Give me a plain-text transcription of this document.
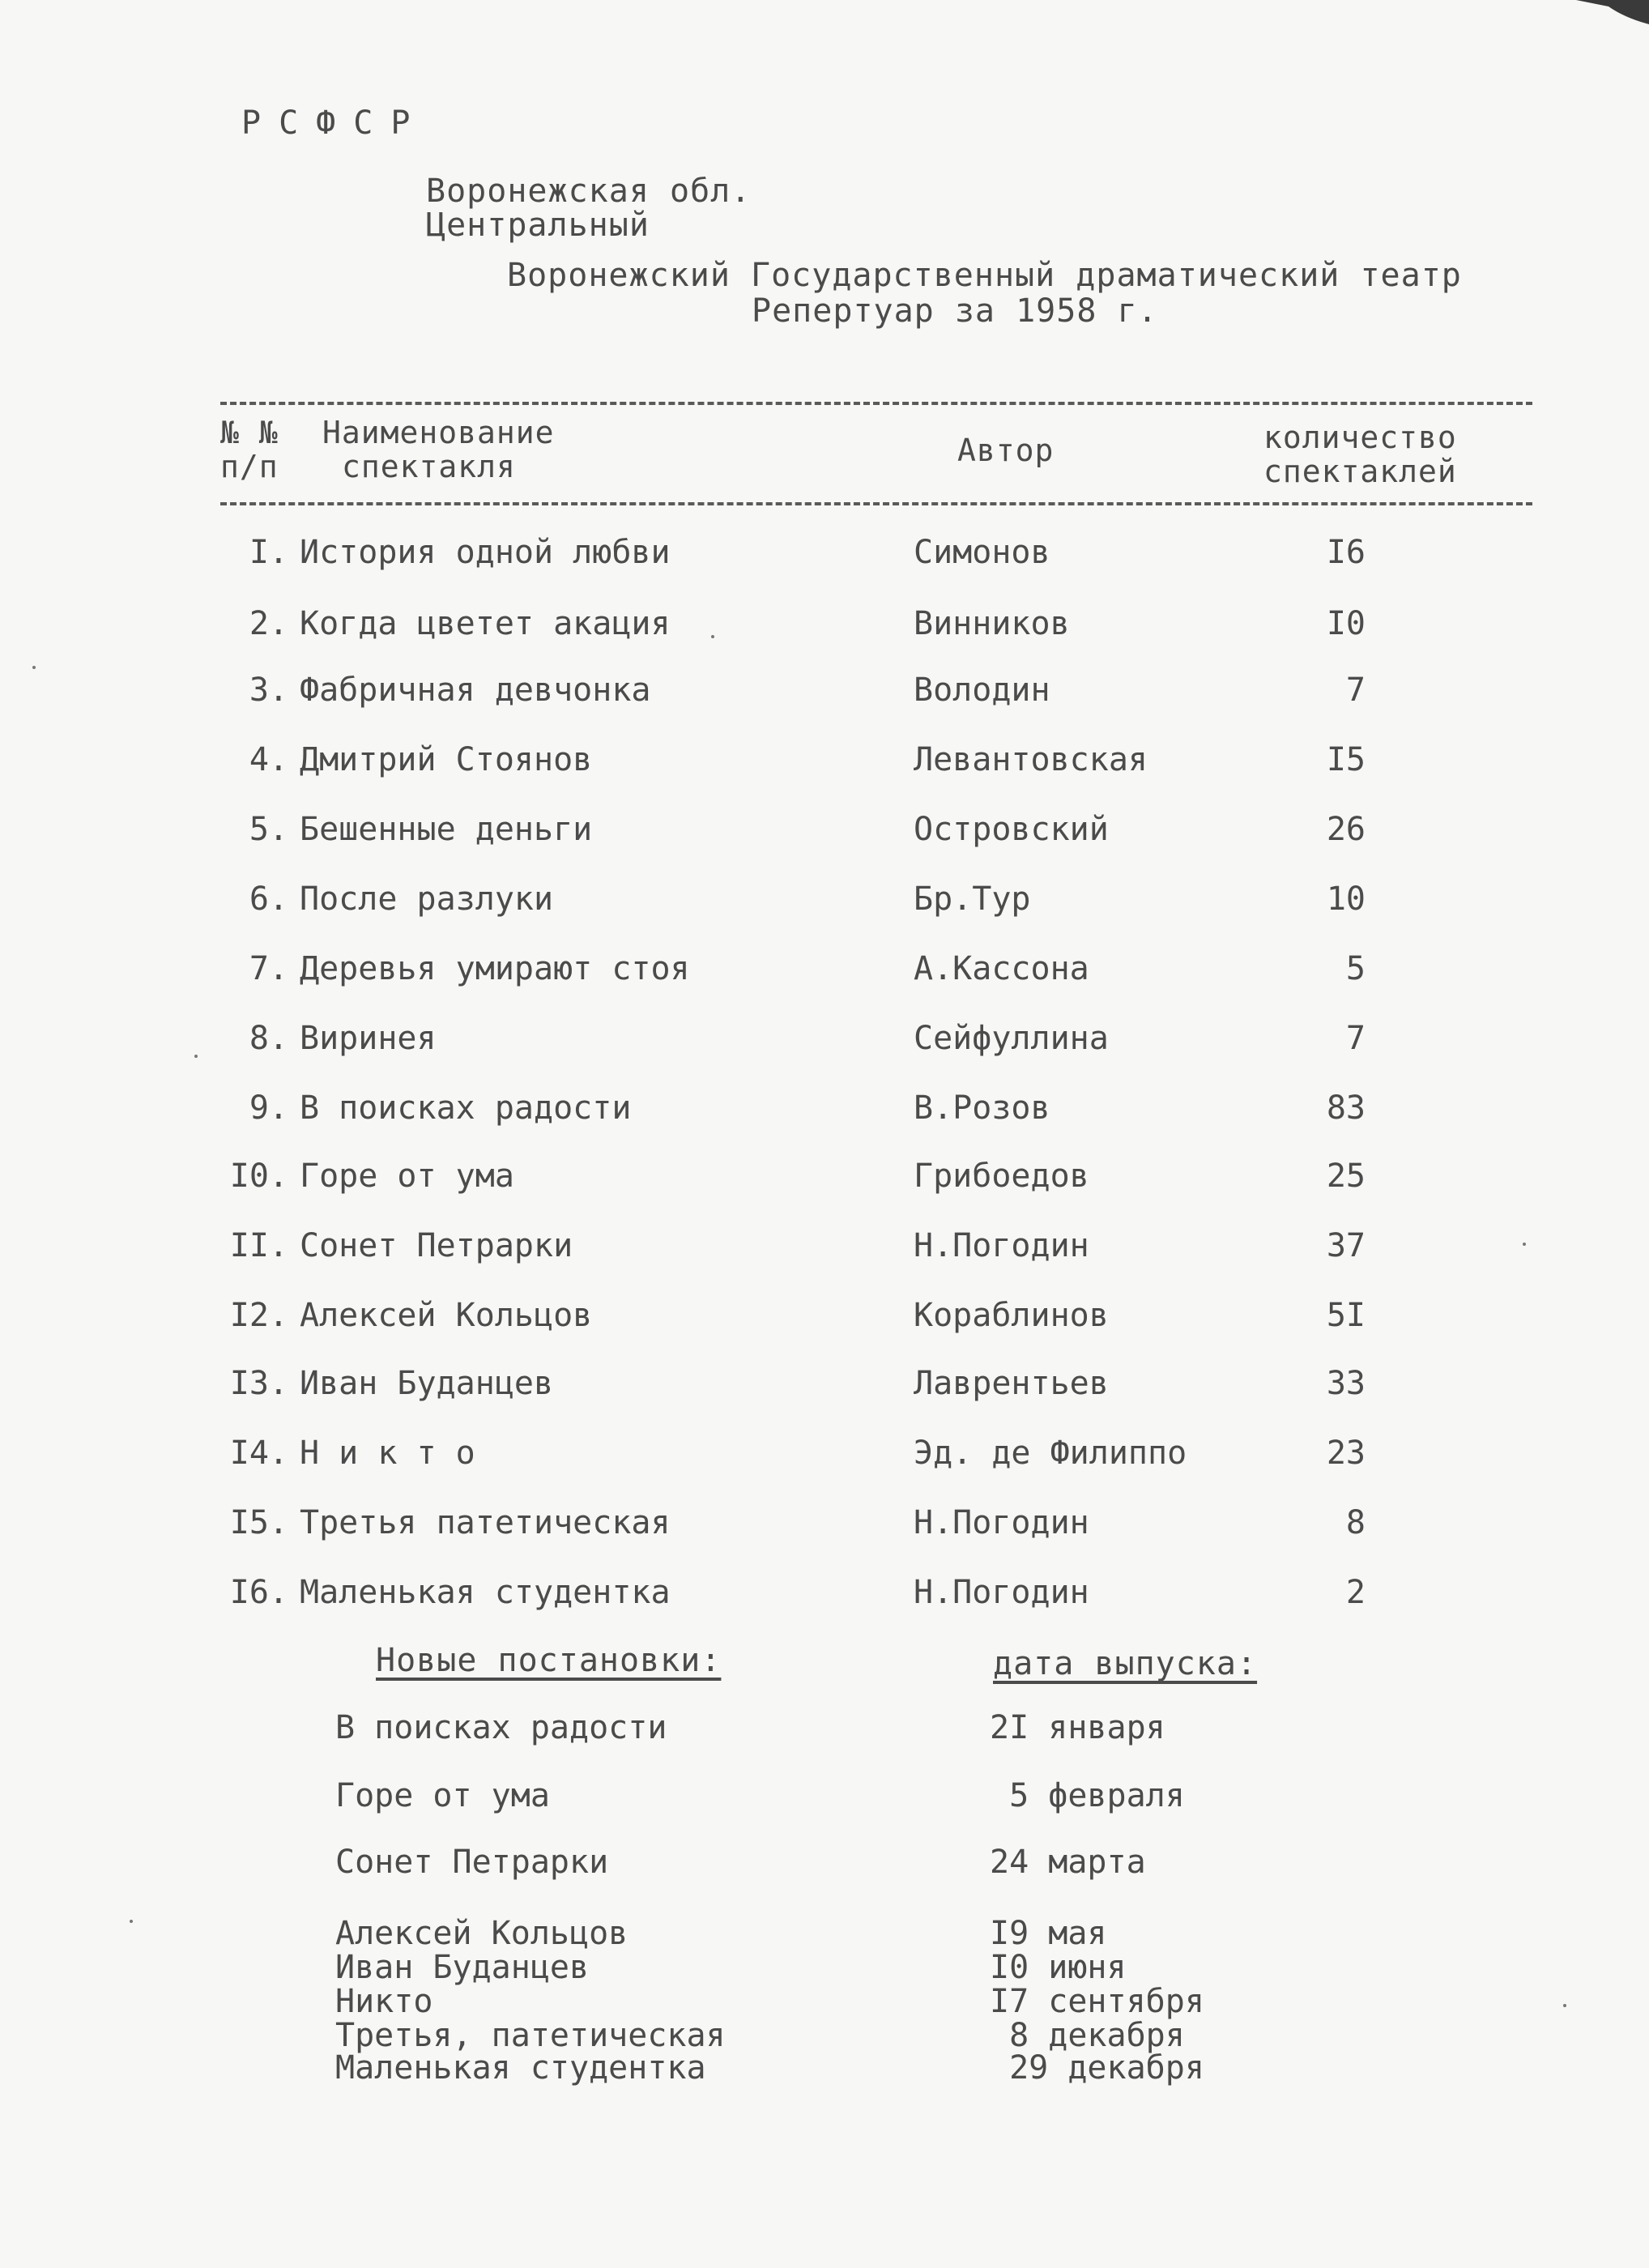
РСФСР
Воронежская обл.
Центральный
Воронежский Государственный драматический театр
Репертуар за 1958 г.
№ №
п/п
Наименование
спектакля	Автор	количество
спектаклей
I. История одной любви	Симонов	I6
2. Когда цветет акация	Винников	I0
3. Фабричная девчонка	Володин	7
4. Дмитрий Стоянов	Левантовская	I5
5. Бешенные деньги	Островский	26
6. После разлуки	Бр.Тур	10
7. Деревья умирают стоя	А.Кассона	5
8. Виринея	Сейфуллина	7
9. В поисках радости	В.Розов	83
I0. Горе от ума	Грибоедов	25
II. Сонет Петрарки	Н.Погодин	37
I2. Алексей Кольцов	Кораблинов	5I
I3. Иван Буданцев	Лаврентьев	33
I4. Н и к т о	Эд. де Филиппо	23
I5. Третья патетическая	Н.Погодин	8
I6. Маленькая студентка	Н.Погодин	2
Новые постановки:	дата выпуска:
В поисках радости	2I января
Горе от ума	5 февраля
Сонет Петрарки	24 марта
Алексей Кольцов	I9 мая
Иван Буданцев	I0 июня
Никто	I7 сентября
Третья, патетическая	8 декабря
Маленькая студентка	29 декабря
